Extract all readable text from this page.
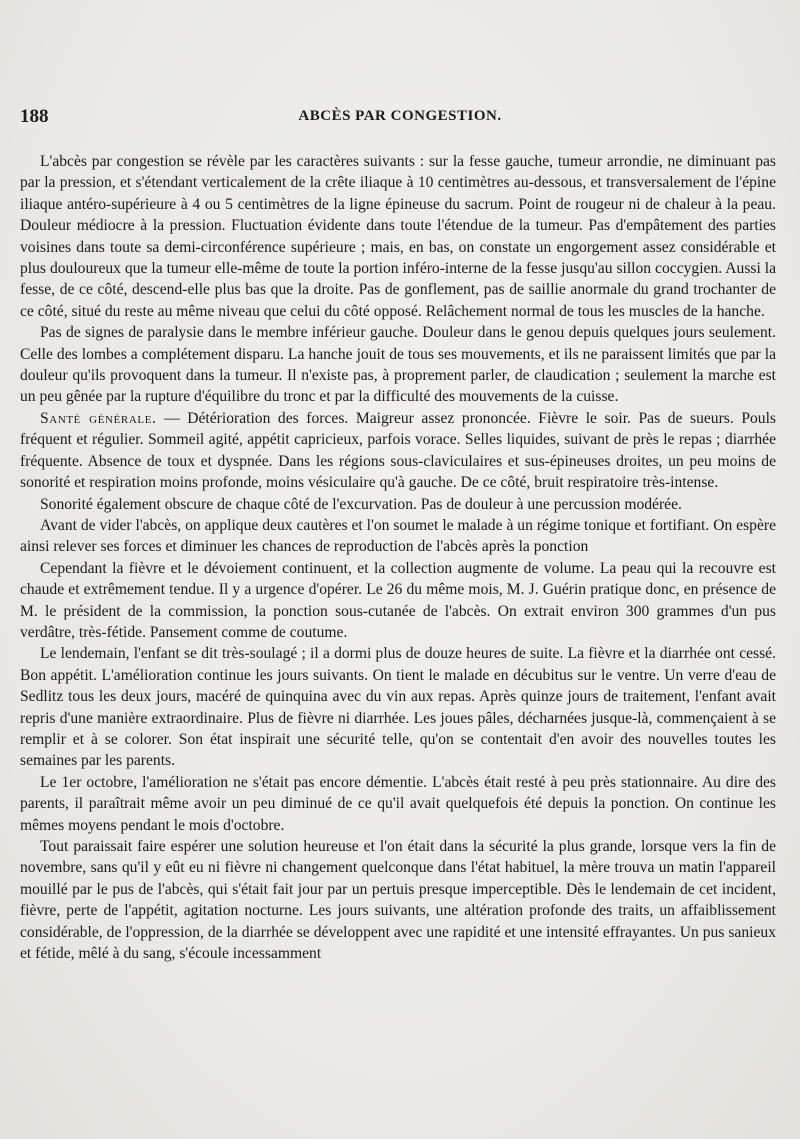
188	ABCÈS PAR CONGESTION.

L'abcès par congestion se révèle par les caractères suivants : sur la fesse gauche, tumeur arrondie, ne diminuant pas par la pression, et s'étendant verticalement de la crête iliaque à 10 centimètres au-dessous, et transversalement de l'épine iliaque antéro-supérieure à 4 ou 5 centimètres de la ligne épineuse du sacrum. Point de rougeur ni de chaleur à la peau. Douleur médiocre à la pression. Fluctuation évidente dans toute l'étendue de la tumeur. Pas d'empâtement des parties voisines dans toute sa demi-circonférence supérieure ; mais, en bas, on constate un engorgement assez considérable et plus douloureux que la tumeur elle-même de toute la portion inféro-interne de la fesse jusqu'au sillon coccygien. Aussi la fesse, de ce côté, descend-elle plus bas que la droite. Pas de gonflement, pas de saillie anormale du grand trochanter de ce côté, situé du reste au même niveau que celui du côté opposé. Relâchement normal de tous les muscles de la hanche.

Pas de signes de paralysie dans le membre inférieur gauche. Douleur dans le genou depuis quelques jours seulement. Celle des lombes a complétement disparu. La hanche jouit de tous ses mouvements, et ils ne paraissent limités que par la douleur qu'ils provoquent dans la tumeur. Il n'existe pas, à proprement parler, de claudication ; seulement la marche est un peu gênée par la rupture d'équilibre du tronc et par la difficulté des mouvements de la cuisse.

Santé générale. — Détérioration des forces. Maigreur assez prononcée. Fièvre le soir. Pas de sueurs. Pouls fréquent et régulier. Sommeil agité, appétit capricieux, parfois vorace. Selles liquides, suivant de près le repas ; diarrhée fréquente. Absence de toux et dyspnée. Dans les régions sous-claviculaires et sus-épineuses droites, un peu moins de sonorité et respiration moins profonde, moins vésiculaire qu'à gauche. De ce côté, bruit respiratoire très-intense.

Sonorité également obscure de chaque côté de l'excurvation. Pas de douleur à une percussion modérée.

Avant de vider l'abcès, on applique deux cautères et l'on soumet le malade à un régime tonique et fortifiant. On espère ainsi relever ses forces et diminuer les chances de reproduction de l'abcès après la ponction

Cependant la fièvre et le dévoiement continuent, et la collection augmente de volume. La peau qui la recouvre est chaude et extrêmement tendue. Il y a urgence d'opérer. Le 26 du même mois, M. J. Guérin pratique donc, en présence de M. le président de la commission, la ponction sous-cutanée de l'abcès. On extrait environ 300 grammes d'un pus verdâtre, très-fétide. Pansement comme de coutume.

Le lendemain, l'enfant se dit très-soulagé ; il a dormi plus de douze heures de suite. La fièvre et la diarrhée ont cessé. Bon appétit. L'amélioration continue les jours suivants. On tient le malade en décubitus sur le ventre. Un verre d'eau de Sedlitz tous les deux jours, macéré de quinquina avec du vin aux repas. Après quinze jours de traitement, l'enfant avait repris d'une manière extraordinaire. Plus de fièvre ni diarrhée. Les joues pâles, décharnées jusque-là, commençaient à se remplir et à se colorer. Son état inspirait une sécurité telle, qu'on se contentait d'en avoir des nouvelles toutes les semaines par les parents.

Le 1er octobre, l'amélioration ne s'était pas encore démentie. L'abcès était resté à peu près stationnaire. Au dire des parents, il paraîtrait même avoir un peu diminué de ce qu'il avait quelquefois été depuis la ponction. On continue les mêmes moyens pendant le mois d'octobre.

Tout paraissait faire espérer une solution heureuse et l'on était dans la sécurité la plus grande, lorsque vers la fin de novembre, sans qu'il y eût eu ni fièvre ni changement quelconque dans l'état habituel, la mère trouva un matin l'appareil mouillé par le pus de l'abcès, qui s'était fait jour par un pertuis presque imperceptible. Dès le lendemain de cet incident, fièvre, perte de l'appétit, agitation nocturne. Les jours suivants, une altération profonde des traits, un affaiblissement considérable, de l'oppression, de la diarrhée se développent avec une rapidité et une intensité effrayantes. Un pus sanieux et fétide, mêlé à du sang, s'écoule incessamment
